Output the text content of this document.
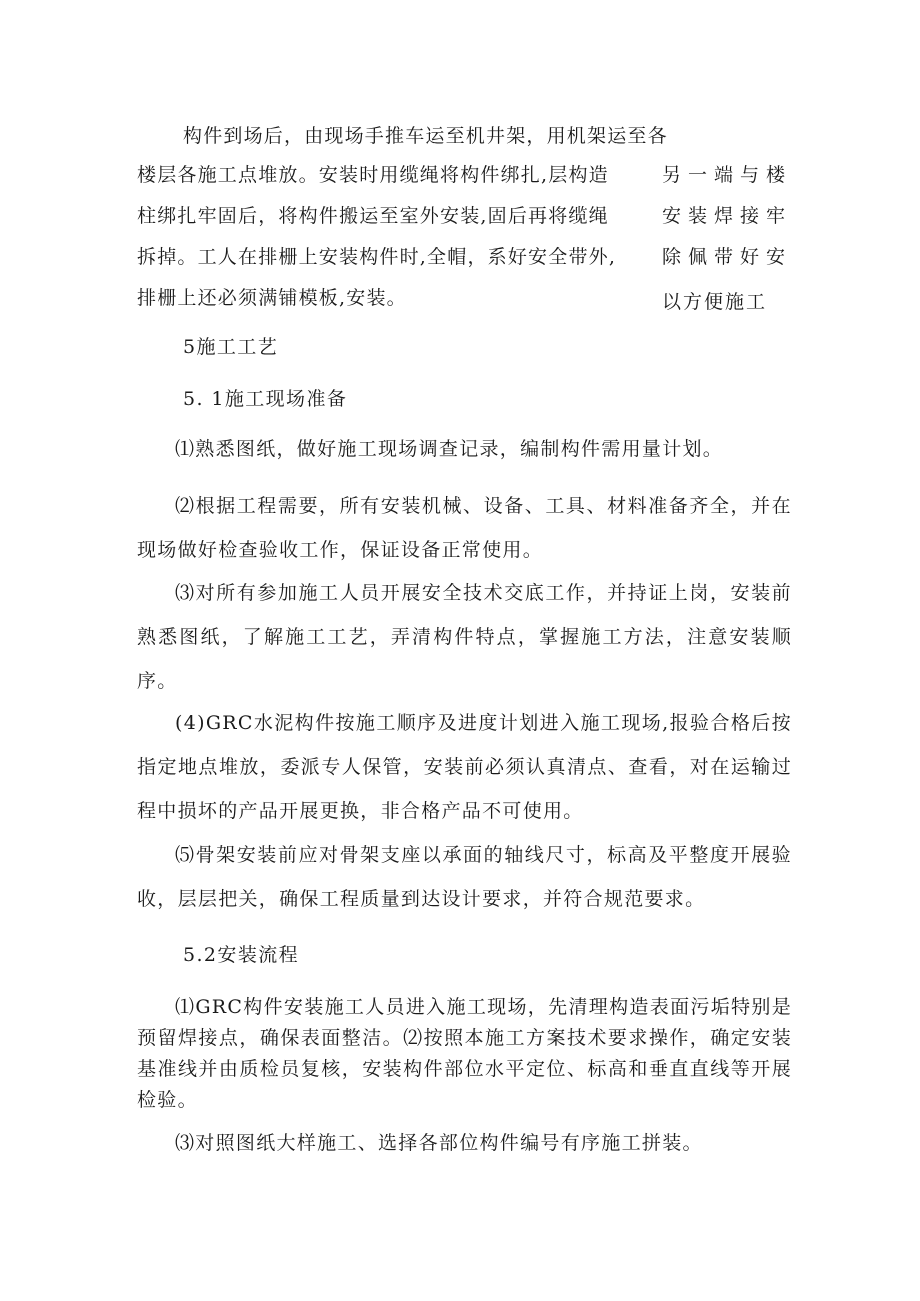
构件到场后，由现场手推车运至机井架，用机架运至各
楼层各施工点堆放。安装时用缆绳将构件绑扎,层构造
柱绑扎牢固后，将构件搬运至室外安装,固后再将缆绳
拆掉。工人在排栅上安装构件时,全帽，系好安全带外,
排栅上还必须满铺模板,安装。
另一端与楼
安装焊接牢
除佩带好安
以方便施工
5施工工艺
5. 1施工现场准备
⑴熟悉图纸，做好施工现场调查记录，编制构件需用量计划。
⑵根据工程需要，所有安装机械、设备、工具、材料准备齐全，并在现场做好检查验收工作，保证设备正常使用。
⑶对所有参加施工人员开展安全技术交底工作，并持证上岗，安装前熟悉图纸，了解施工工艺，弄清构件特点，掌握施工方法，注意安装顺序。
(4)GRC水泥构件按施工顺序及进度计划进入施工现场,报验合格后按指定地点堆放，委派专人保管，安装前必须认真清点、查看，对在运输过程中损坏的产品开展更换，非合格产品不可使用。
⑸骨架安装前应对骨架支座以承面的轴线尺寸，标高及平整度开展验收，层层把关，确保工程质量到达设计要求，并符合规范要求。
5.2安装流程
⑴GRC构件安装施工人员进入施工现场，先清理构造表面污垢特别是预留焊接点，确保表面整洁。⑵按照本施工方案技术要求操作，确定安装基准线并由质检员复核，安装构件部位水平定位、标高和垂直直线等开展检验。
⑶对照图纸大样施工、选择各部位构件编号有序施工拼装。
